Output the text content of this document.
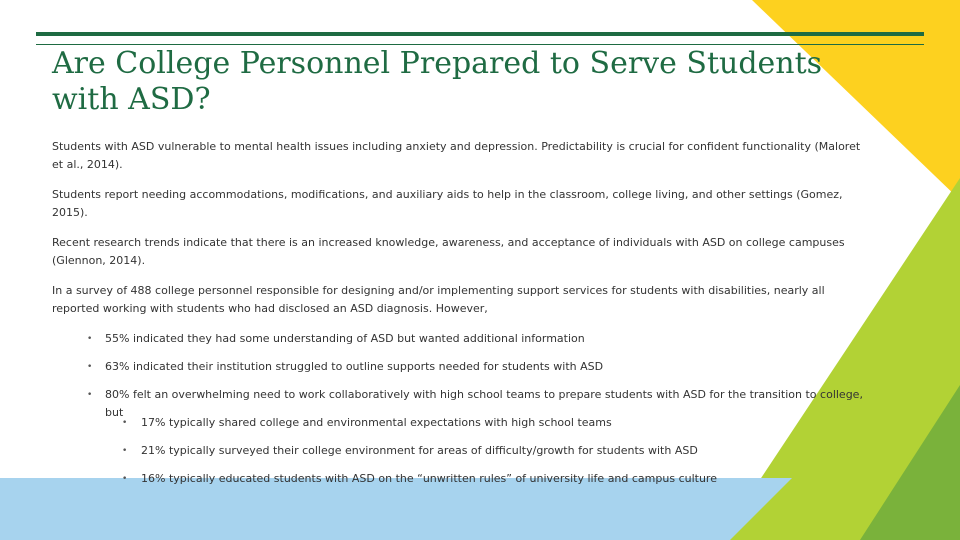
Are College Personnel Prepared to Serve Students with ASD?

Students with ASD vulnerable to mental health issues including anxiety and depression. Predictability is crucial for confident functionality (Maloret et al., 2014).

Students report needing accommodations, modifications, and auxiliary aids to help in the classroom, college living, and other settings (Gomez, 2015).

Recent research trends indicate that there is an increased knowledge, awareness, and acceptance of individuals with ASD on college campuses (Glennon, 2014).

In a survey of 488 college personnel responsible for designing and/or implementing support services for students with disabilities, nearly all reported working with students who had disclosed an ASD diagnosis. However,

• 55% indicated they had some understanding of ASD but wanted additional information
• 63% indicated their institution struggled to outline supports needed for students with ASD
• 80% felt an overwhelming need to work collaboratively with high school teams to prepare students with ASD for the transition to college, but
• 17% typically shared college and environmental expectations with high school teams
• 21% typically surveyed their college environment for areas of difficulty/growth for students with ASD
• 16% typically educated students with ASD on the “unwritten rules” of university life and campus culture
